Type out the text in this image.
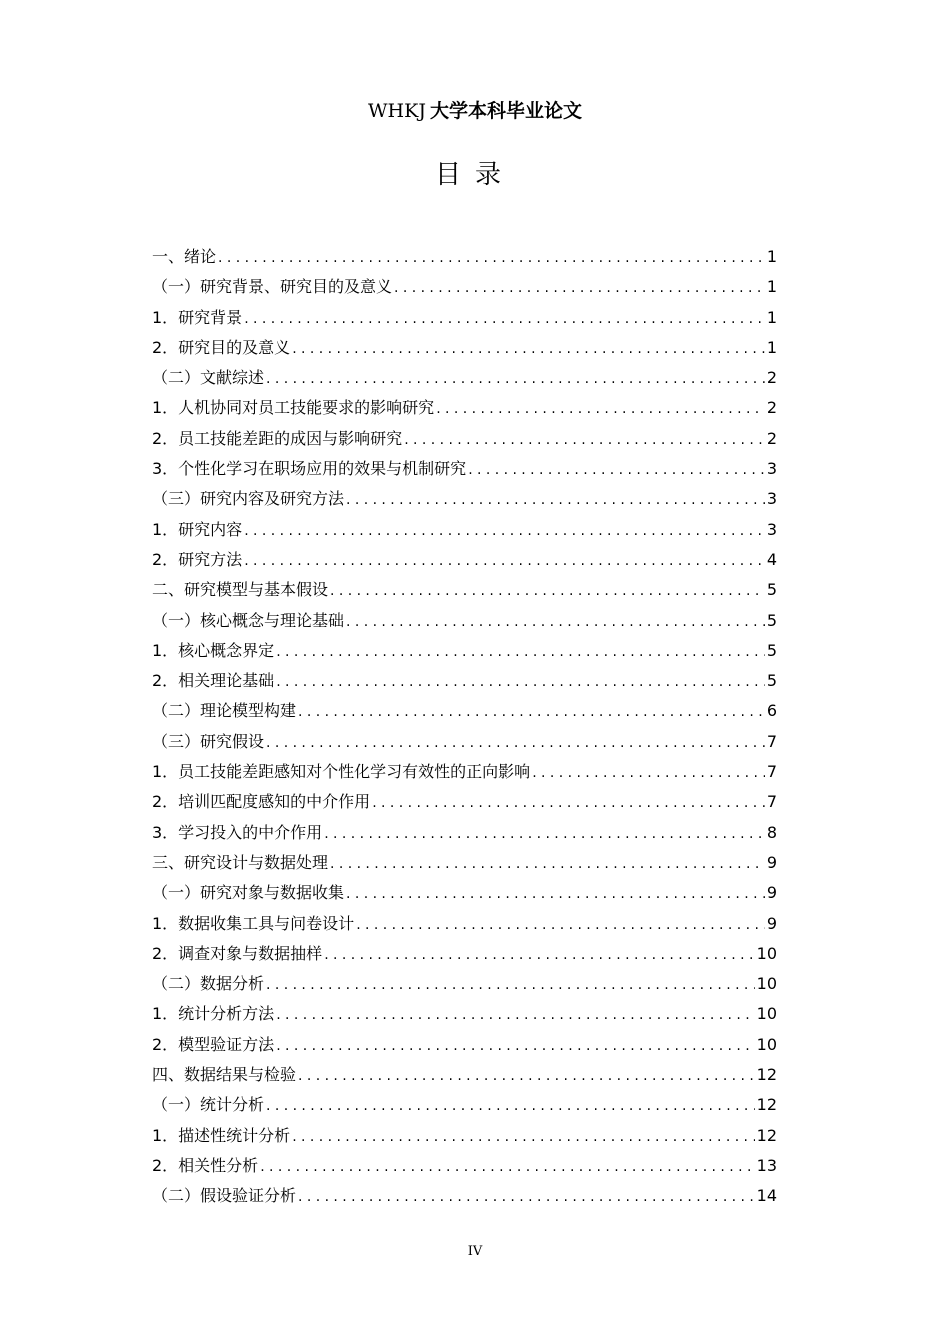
WHKJ 大学本科毕业论文
目录
一、绪论 .....	1
（一）研究背景、研究目的及意义 .....	1
1．研究背景 .....	1
2．研究目的及意义 .....	1
（二）文献综述 .....	2
1．人机协同对员工技能要求的影响研究 .....	2
2．员工技能差距的成因与影响研究 .....	2
3．个性化学习在职场应用的效果与机制研究 .....	3
（三）研究内容及研究方法 .....	3
1．研究内容 .....	3
2．研究方法 .....	4
二、研究模型与基本假设 .....	5
（一）核心概念与理论基础 .....	5
1．核心概念界定 .....	5
2．相关理论基础 .....	5
（二）理论模型构建 .....	6
（三）研究假设 .....	7
1．员工技能差距感知对个性化学习有效性的正向影响 .....	7
2．培训匹配度感知的中介作用 .....	7
3．学习投入的中介作用 .....	8
三、研究设计与数据处理 .....	9
（一）研究对象与数据收集 .....	9
1．数据收集工具与问卷设计 .....	9
2．调查对象与数据抽样 .....	10
（二）数据分析 .....	10
1．统计分析方法 .....	10
2．模型验证方法 .....	10
四、数据结果与检验 .....	12
（一）统计分析 .....	12
1．描述性统计分析 .....	12
2．相关性分析 .....	13
（二）假设验证分析 .....	14
IV
